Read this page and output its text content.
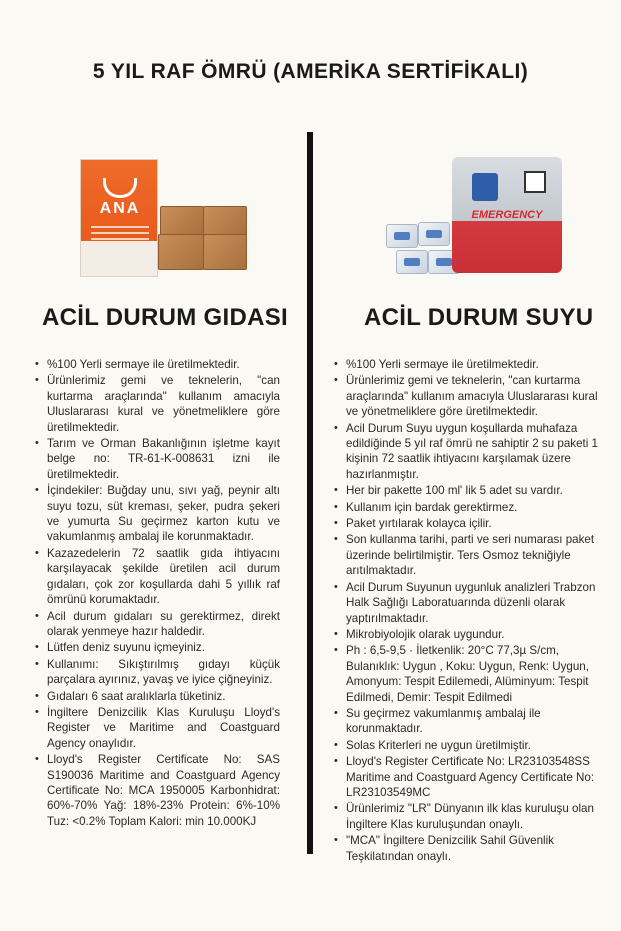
5 YIL RAF ÖMRÜ (AMERİKA SERTİFİKALI)
ANA	EMERGENCY
ACİL DURUM GIDASI	ACİL DURUM SUYU
• %100 Yerli sermaye ile üretilmektedir.
• Ürünlerimiz gemi ve teknelerin, "can kurtarma araçlarında" kullanım amacıyla Uluslararası kural ve yönetmeliklere göre üretilmektedir.
• Tarım ve Orman Bakanlığının işletme kayıt belge no: TR-61-K-008631 izni ile üretilmektedir.
• İçindekiler: Buğday unu, sıvı yağ, peynir altı suyu tozu, süt kreması, şeker, pudra şekeri ve yumurta Su geçirmez karton kutu ve vakumlanmış ambalaj ile korunmaktadır.
• Kazazedelerin 72 saatlik gıda ihtiyacını karşılayacak şekilde üretilen acil durum gıdaları, çok zor koşullarda dahi 5 yıllık raf ömrünü korumaktadır.
• Acil durum gıdaları su gerektirmez, direkt olarak yenmeye hazır haldedir.
• Lütfen deniz suyunu içmeyiniz.
• Kullanımı: Sıkıştırılmış gıdayı küçük parçalara ayırınız, yavaş ve iyice çiğneyiniz.
• Gıdaları 6 saat aralıklarla tüketiniz.
• İngiltere Denizcilik Klas Kuruluşu Lloyd's Register ve Maritime and Coastguard Agency onaylıdır.
• Lloyd's Register Certificate No: SAS S190036 Maritime and Coastguard Agency Certificate No: MCA 1950005 Karbonhidrat: 60%-70% Yağ: 18%-23% Protein: 6%-10% Tuz: <0.2% Toplam Kalori: min 10.000KJ
• %100 Yerli sermaye ile üretilmektedir.
• Ürünlerimiz gemi ve teknelerin, "can kurtarma araçlarında" kullanım amacıyla Uluslararası kural ve yönetmeliklere göre üretilmektedir.
• Acil Durum Suyu uygun koşullarda muhafaza edildiğinde 5 yıl raf ömrü ne sahiptir 2 su paketi 1 kişinin 72 saatlik ihtiyacını karşılamak üzere hazırlanmıştır.
• Her bir pakette 100 ml' lik 5 adet su vardır.
• Kullanım için bardak gerektirmez.
• Paket yırtılarak kolayca içilir.
• Son kullanma tarihi, parti ve seri numarası paket üzerinde belirtilmiştir. Ters Osmoz tekniğiyle arıtılmaktadır.
• Acil Durum Suyunun uygunluk analizleri Trabzon Halk Sağlığı Laboratuarında düzenli olarak yaptırılmaktadır.
• Mikrobiyolojik olarak uygundur.
• Ph : 6,5-9,5 · İletkenlik: 20°C 77,3µ S/cm, Bulanıklık: Uygun , Koku: Uygun, Renk: Uygun, Amonyum: Tespit Edilemedi, Alüminyum: Tespit Edilmedi, Demir: Tespit Edilmedi
• Su geçirmez vakumlanmış ambalaj ile korunmaktadır.
• Solas Kriterleri ne uygun üretilmiştir.
• Lloyd's Register Certificate No: LR23103548SS Maritime and Coastguard Agency Certificate No: LR23103549MC
• Ürünlerimiz "LR" Dünyanın ilk klas kuruluşu olan İngiltere Klas kuruluşundan onaylı.
• "MCA" İngiltere Denizcilik Sahil Güvenlik Teşkilatından onaylı.
